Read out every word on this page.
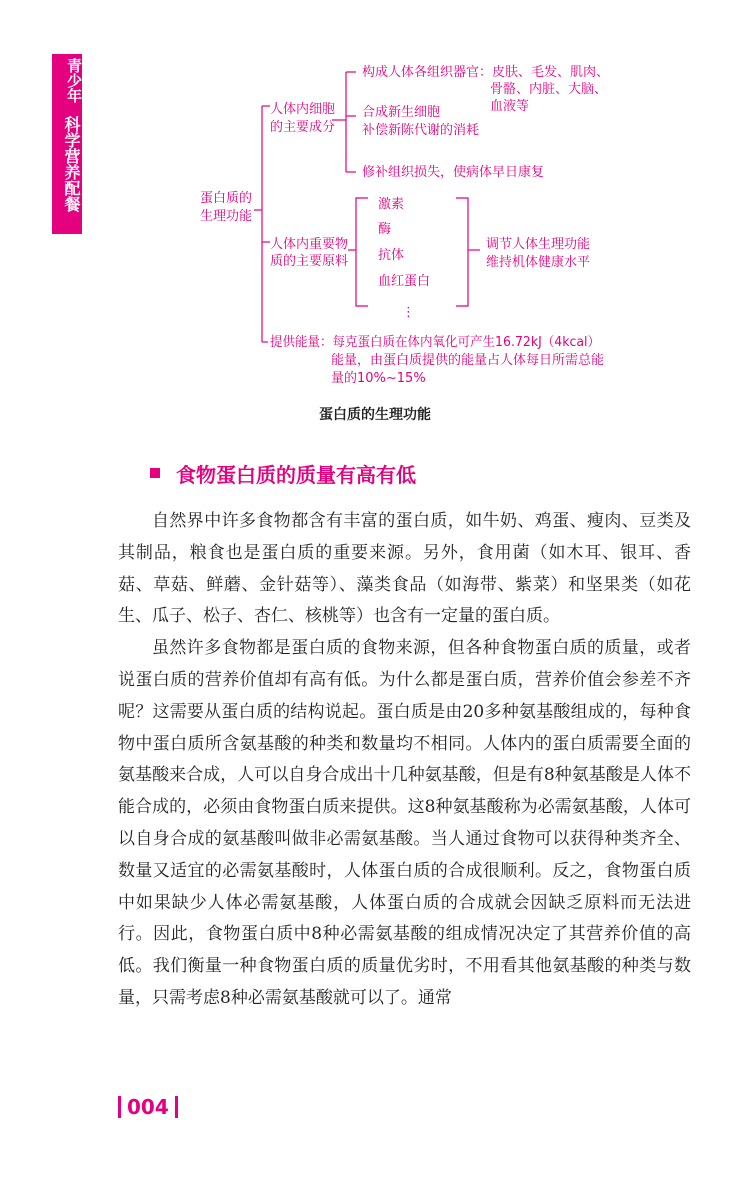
青少年
科学营养配餐	蛋白质的
生理功能
人体内细胞
的主要成分
构成人体各组织器官：皮肤、毛发、肌肉、
骨骼、内脏、大脑、
血液等
合成新生细胞
补偿新陈代谢的消耗
修补组织损失，使病体早日康复
人体内重要物
质的主要原料
激素
酶
抗体
血红蛋白
⋮
调节人体生理功能
维持机体健康水平
提供能量：每克蛋白质在体内氧化可产生16.72kJ（4kcal）
能量，由蛋白质提供的能量占人体每日所需总能
量的10%~15%
蛋白质的生理功能
食物蛋白质的质量有高有低

自然界中许多食物都含有丰富的蛋白质，如牛奶、鸡蛋、瘦肉、豆类及其制品，粮食也是蛋白质的重要来源。另外，食用菌（如木耳、银耳、香菇、草菇、鲜蘑、金针菇等）、藻类食品（如海带、紫菜）和坚果类（如花生、瓜子、松子、杏仁、核桃等）也含有一定量的蛋白质。

虽然许多食物都是蛋白质的食物来源，但各种食物蛋白质的质量，或者说蛋白质的营养价值却有高有低。为什么都是蛋白质，营养价值会参差不齐呢？这需要从蛋白质的结构说起。蛋白质是由20多种氨基酸组成的，每种食物中蛋白质所含氨基酸的种类和数量均不相同。人体内的蛋白质需要全面的氨基酸来合成，人可以自身合成出十几种氨基酸，但是有8种氨基酸是人体不能合成的，必须由食物蛋白质来提供。这8种氨基酸称为必需氨基酸，人体可以自身合成的氨基酸叫做非必需氨基酸。当人通过食物可以获得种类齐全、数量又适宜的必需氨基酸时，人体蛋白质的合成很顺利。反之，食物蛋白质中如果缺少人体必需氨基酸，人体蛋白质的合成就会因缺乏原料而无法进行。因此，食物蛋白质中8种必需氨基酸的组成情况决定了其营养价值的高低。我们衡量一种食物蛋白质的质量优劣时，不用看其他氨基酸的种类与数量，只需考虑8种必需氨基酸就可以了。通常

004
